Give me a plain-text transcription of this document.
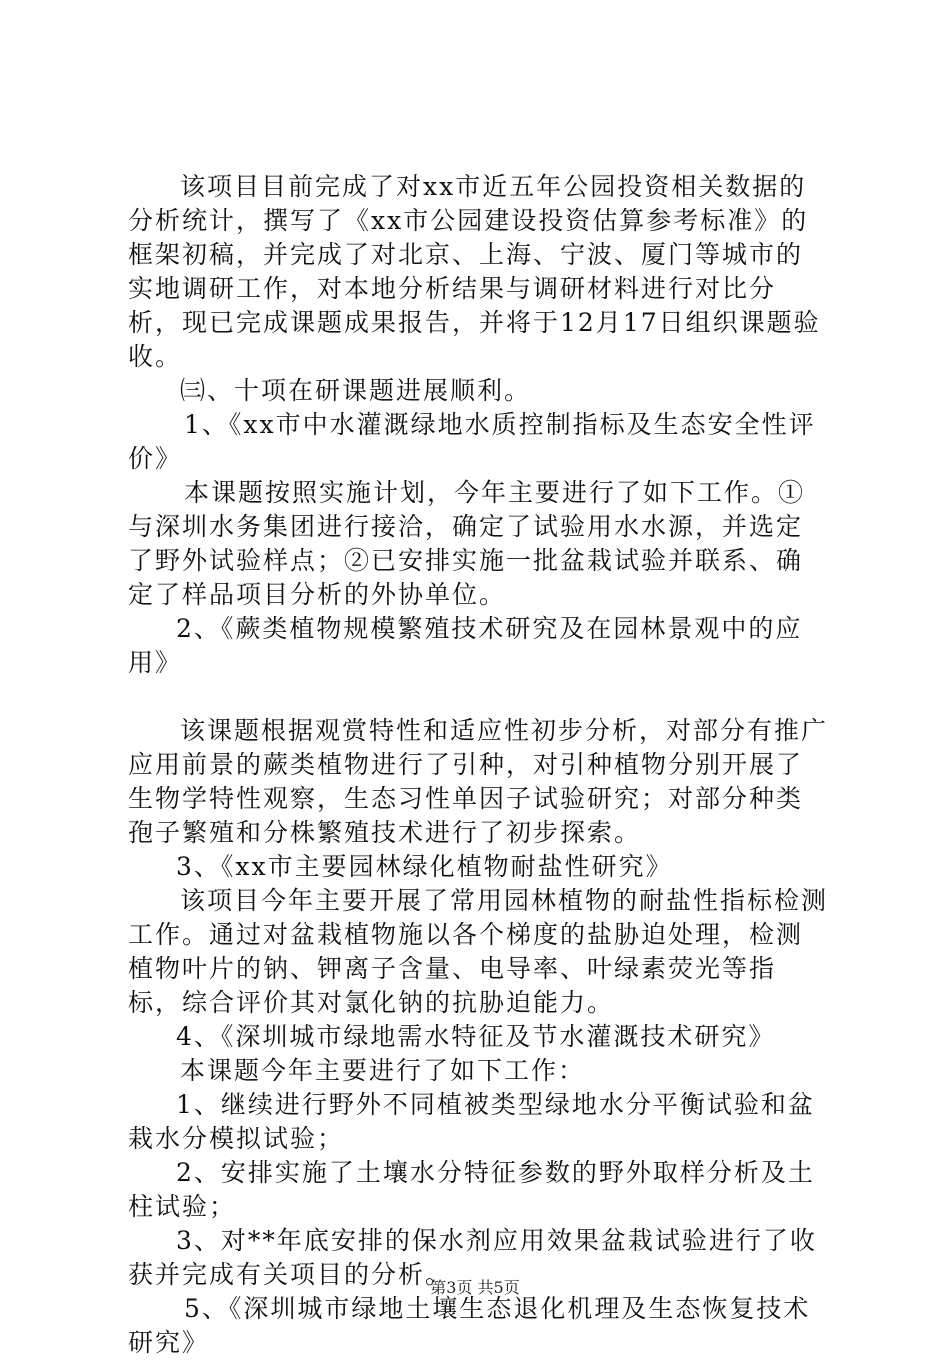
该项目目前完成了对xx市近五年公园投资相关数据的分析统计，撰写了《xx市公园建设投资估算参考标准》的框架初稿，并完成了对北京、上海、宁波、厦门等城市的实地调研工作，对本地分析结果与调研材料进行对比分析，现已完成课题成果报告，并将于12月17日组织课题验收。

㈢、十项在研课题进展顺利。

1、《xx市中水灌溉绿地水质控制指标及生态安全性评价》

本课题按照实施计划，今年主要进行了如下工作。①与深圳水务集团进行接洽，确定了试验用水水源，并选定了野外试验样点；②已安排实施一批盆栽试验并联系、确定了样品项目分析的外协单位。

2、《蕨类植物规模繁殖技术研究及在园林景观中的应用》

该课题根据观赏特性和适应性初步分析，对部分有推广应用前景的蕨类植物进行了引种，对引种植物分别开展了生物学特性观察，生态习性单因子试验研究；对部分种类孢子繁殖和分株繁殖技术进行了初步探索。

3、《xx市主要园林绿化植物耐盐性研究》

该项目今年主要开展了常用园林植物的耐盐性指标检测工作。通过对盆栽植物施以各个梯度的盐胁迫处理，检测植物叶片的钠、钾离子含量、电导率、叶绿素荧光等指标，综合评价其对氯化钠的抗胁迫能力。

4、《深圳城市绿地需水特征及节水灌溉技术研究》

本课题今年主要进行了如下工作：

1、继续进行野外不同植被类型绿地水分平衡试验和盆栽水分模拟试验；

2、安排实施了土壤水分特征参数的野外取样分析及土柱试验；

3、对**年底安排的保水剂应用效果盆栽试验进行了收获并完成有关项目的分析。

5、《深圳城市绿地土壤生态退化机理及生态恢复技术研究》

第3页 共5页
